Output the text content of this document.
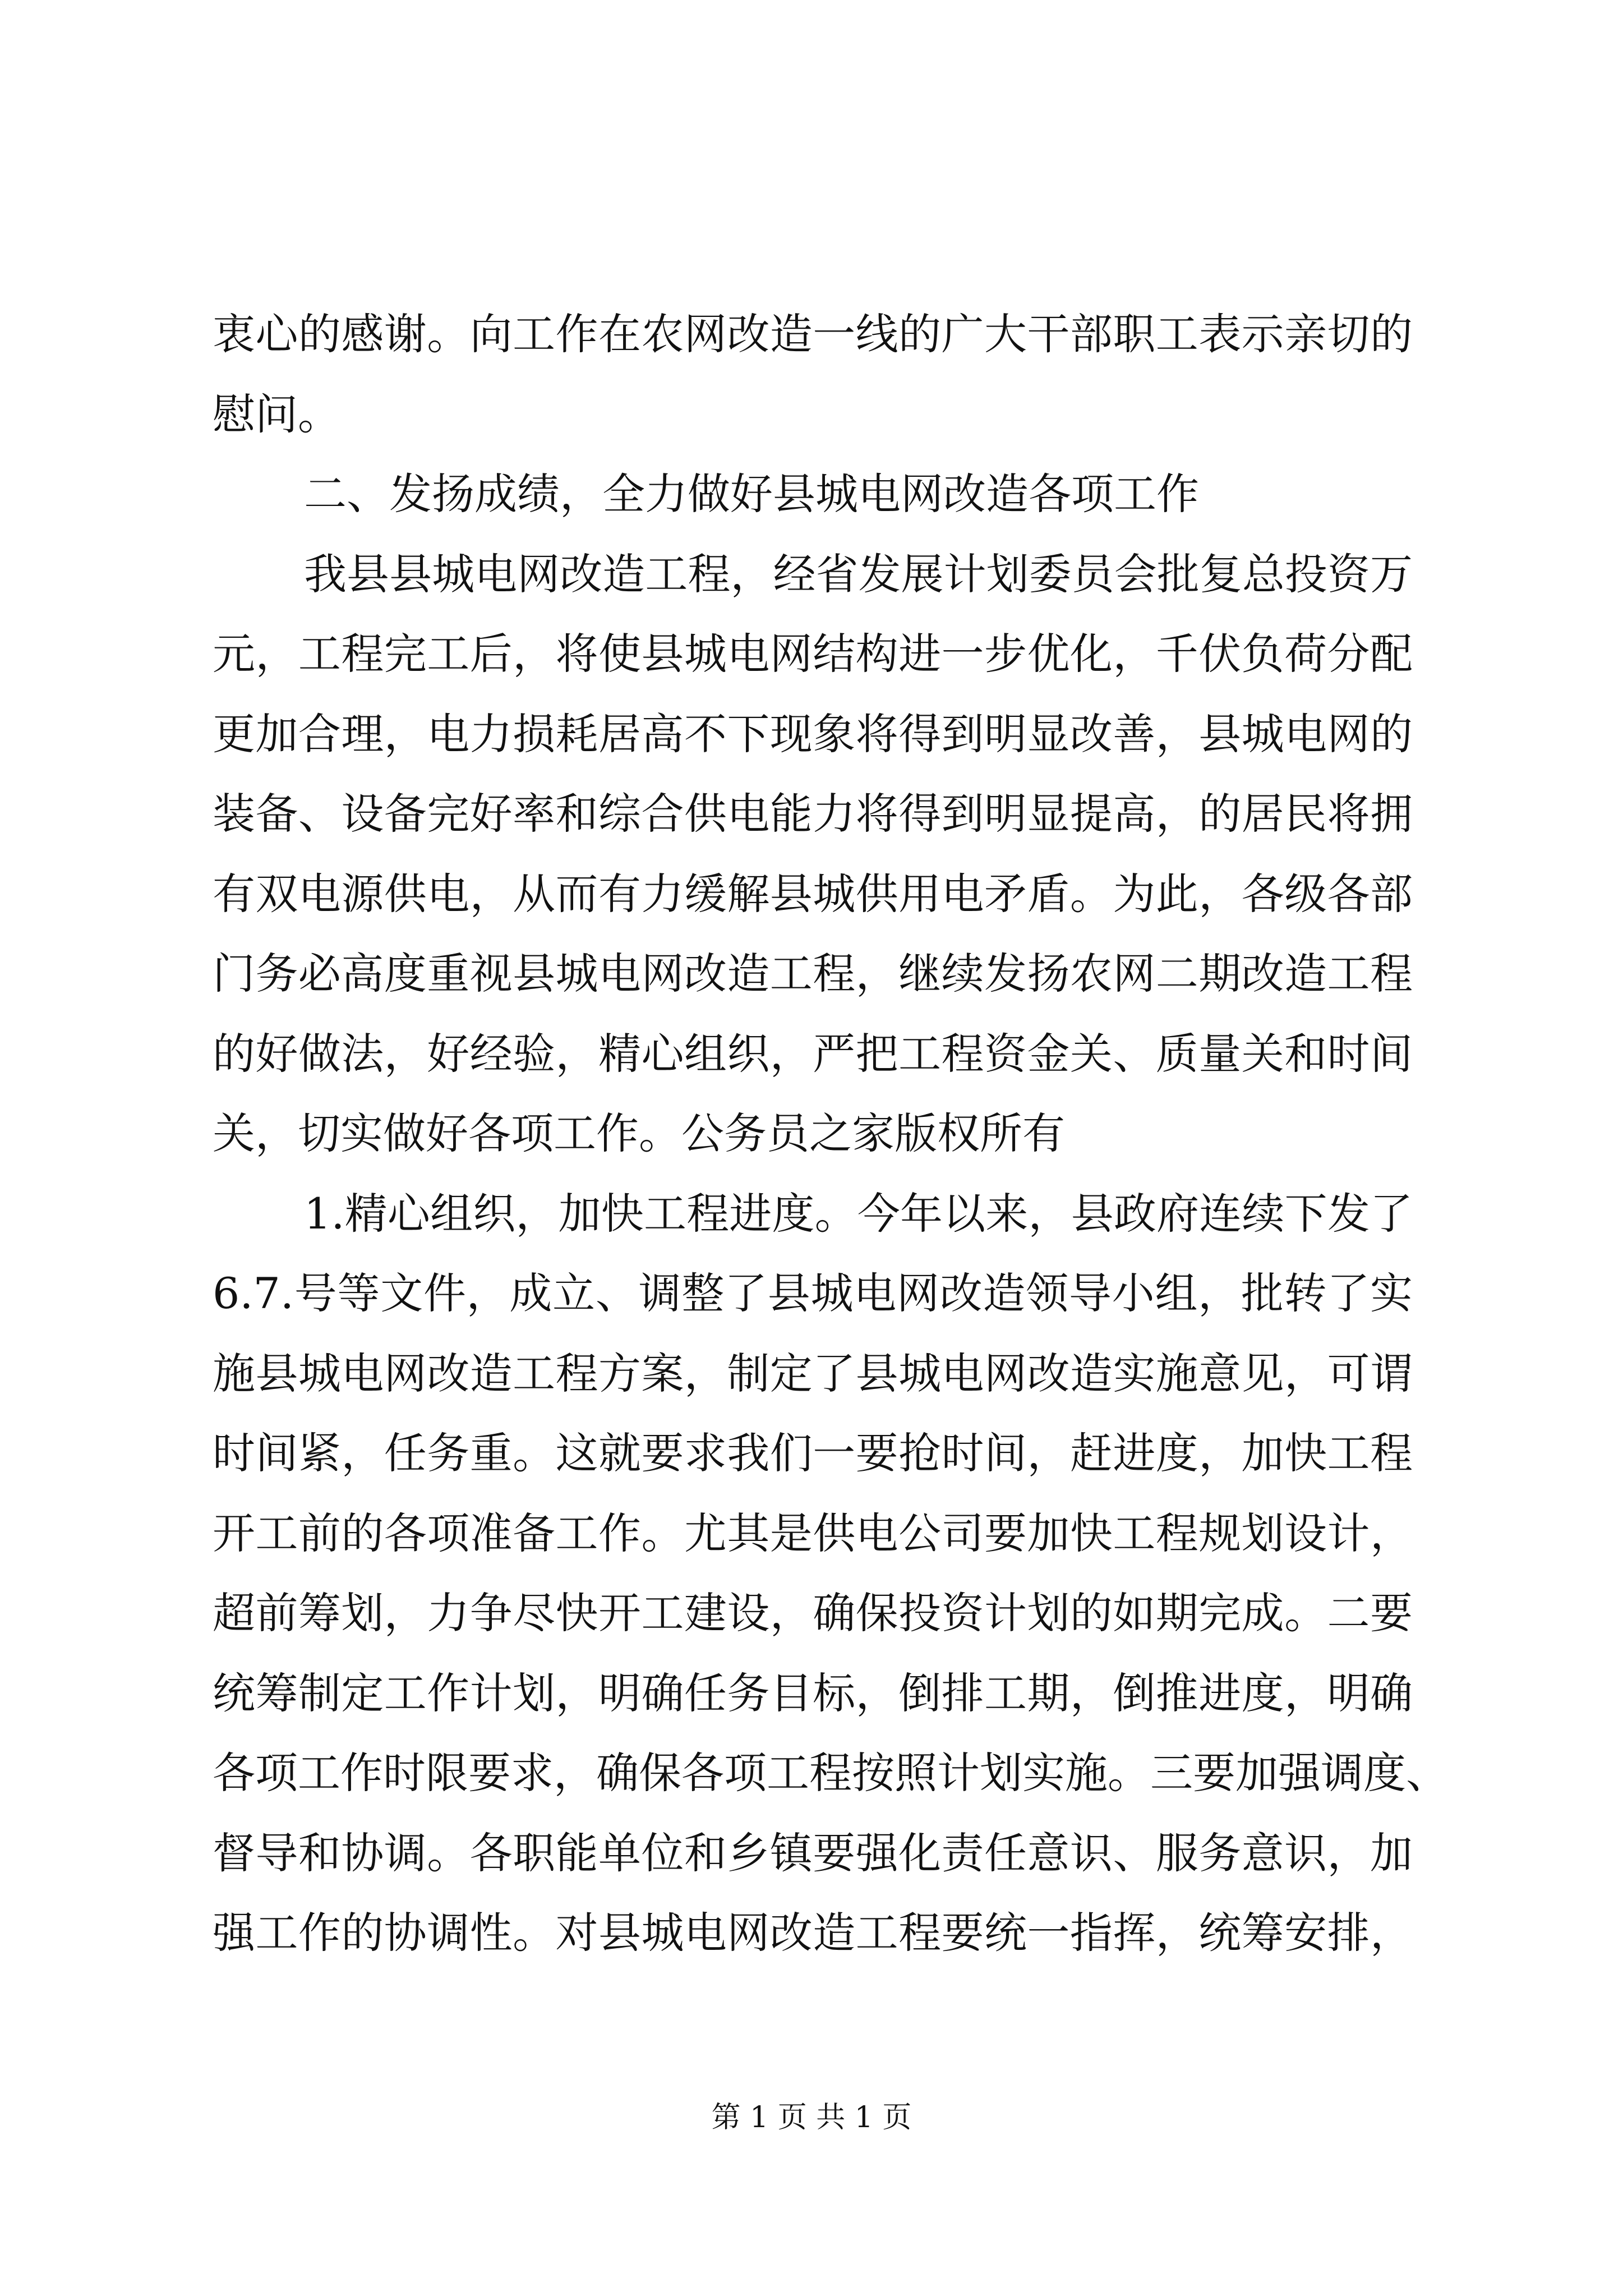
衷心的感谢。向工作在农网改造一线的广大干部职工表示亲切的
慰问。
二、发扬成绩，全力做好县城电网改造各项工作
我县县城电网改造工程，经省发展计划委员会批复总投资万
元，工程完工后，将使县城电网结构进一步优化，千伏负荷分配
更加合理，电力损耗居高不下现象将得到明显改善，县城电网的
装备、设备完好率和综合供电能力将得到明显提高，的居民将拥
有双电源供电，从而有力缓解县城供用电矛盾。为此，各级各部
门务必高度重视县城电网改造工程，继续发扬农网二期改造工程
的好做法，好经验，精心组织，严把工程资金关、质量关和时间
关，切实做好各项工作。公务员之家版权所有
1.精心组织，加快工程进度。今年以来，县政府连续下发了
6.7.号等文件，成立、调整了县城电网改造领导小组，批转了实
施县城电网改造工程方案，制定了县城电网改造实施意见，可谓
时间紧，任务重。这就要求我们一要抢时间，赶进度，加快工程
开工前的各项准备工作。尤其是供电公司要加快工程规划设计，
超前筹划，力争尽快开工建设，确保投资计划的如期完成。二要
统筹制定工作计划，明确任务目标，倒排工期，倒推进度，明确
各项工作时限要求，确保各项工程按照计划实施。三要加强调度、
督导和协调。各职能单位和乡镇要强化责任意识、服务意识，加
强工作的协调性。对县城电网改造工程要统一指挥，统筹安排，
第 1 页 共 1 页
